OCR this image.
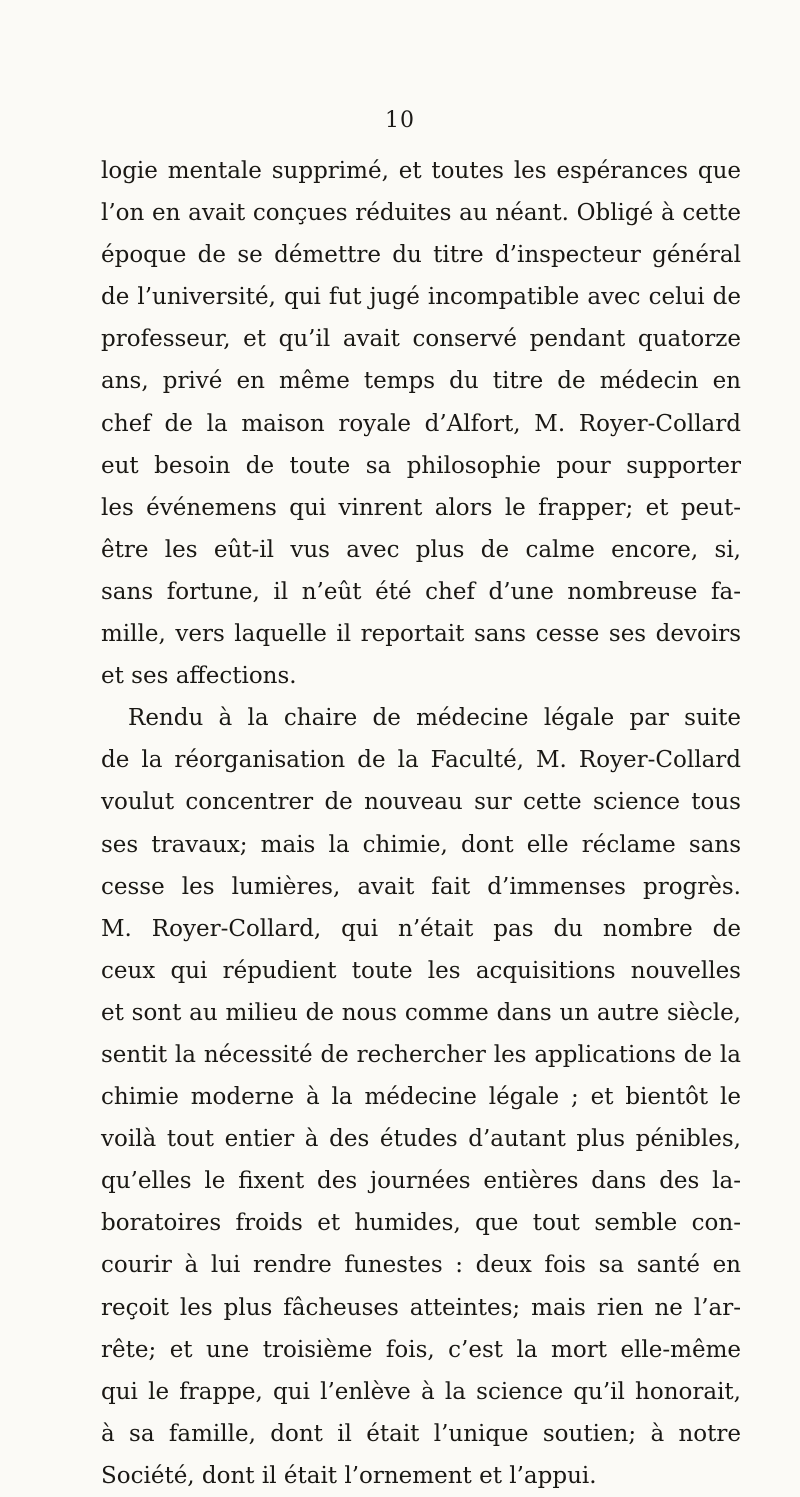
10
logie mentale supprimé, et toutes les espérances que
l’on en avait conçues réduites au néant. Obligé à cette
époque de se démettre du titre d’inspecteur général
de l’université, qui fut jugé incompatible avec celui de
professeur, et qu’il avait conservé pendant quatorze
ans, privé en même temps du titre de médecin en
chef de la maison royale d’Alfort, M. Royer-Collard
eut besoin de toute sa philosophie pour supporter
les événemens qui vinrent alors le frapper; et peut-
être les eût-il vus avec plus de calme encore, si,
sans fortune, il n’eût été chef d’une nombreuse fa-
mille, vers laquelle il reportait sans cesse ses devoirs
et ses affections.
Rendu à la chaire de médecine légale par suite
de la réorganisation de la Faculté, M. Royer-Collard
voulut concentrer de nouveau sur cette science tous
ses travaux; mais la chimie, dont elle réclame sans
cesse les lumières, avait fait d’immenses progrès.
M. Royer-Collard, qui n’était pas du nombre de
ceux qui répudient toute les acquisitions nouvelles
et sont au milieu de nous comme dans un autre siècle,
sentit la nécessité de rechercher les applications de la
chimie moderne à la médecine légale ; et bientôt le
voilà tout entier à des études d’autant plus pénibles,
qu’elles le fixent des journées entières dans des la-
boratoires froids et humides, que tout semble con-
courir à lui rendre funestes : deux fois sa santé en
reçoit les plus fâcheuses atteintes; mais rien ne l’ar-
rête; et une troisième fois, c’est la mort elle-même
qui le frappe, qui l’enlève à la science qu’il honorait,
à sa famille, dont il était l’unique soutien; à notre
Société, dont il était l’ornement et l’appui.
